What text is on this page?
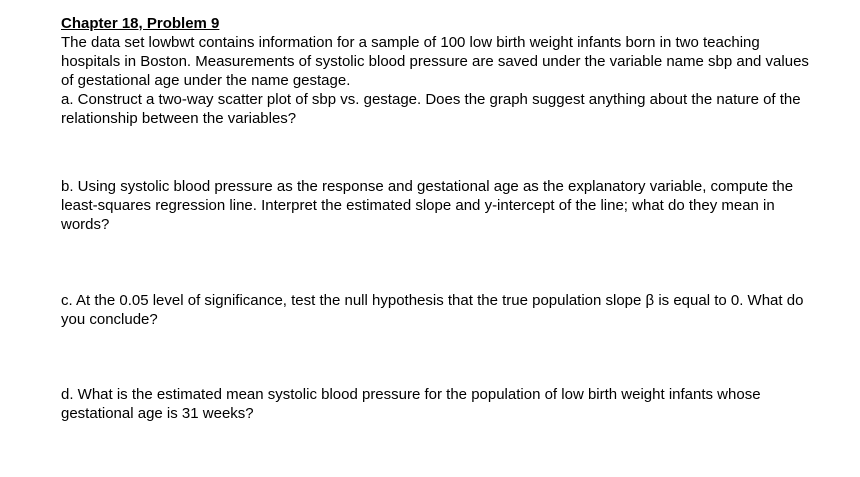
Chapter 18, Problem 9

The data set lowbwt contains information for a sample of 100 low birth weight infants born in two teaching hospitals in Boston. Measurements of systolic blood pressure are saved under the variable name sbp and values of gestational age under the name gestage.

a. Construct a two-way scatter plot of sbp vs. gestage. Does the graph suggest anything about the nature of the relationship between the variables?

b. Using systolic blood pressure as the response and gestational age as the explanatory variable, compute the least-squares regression line. Interpret the estimated slope and y-intercept of the line; what do they mean in words?

c. At the 0.05 level of significance, test the null hypothesis that the true population slope β is equal to 0. What do you conclude?

d. What is the estimated mean systolic blood pressure for the population of low birth weight infants whose gestational age is 31 weeks?
